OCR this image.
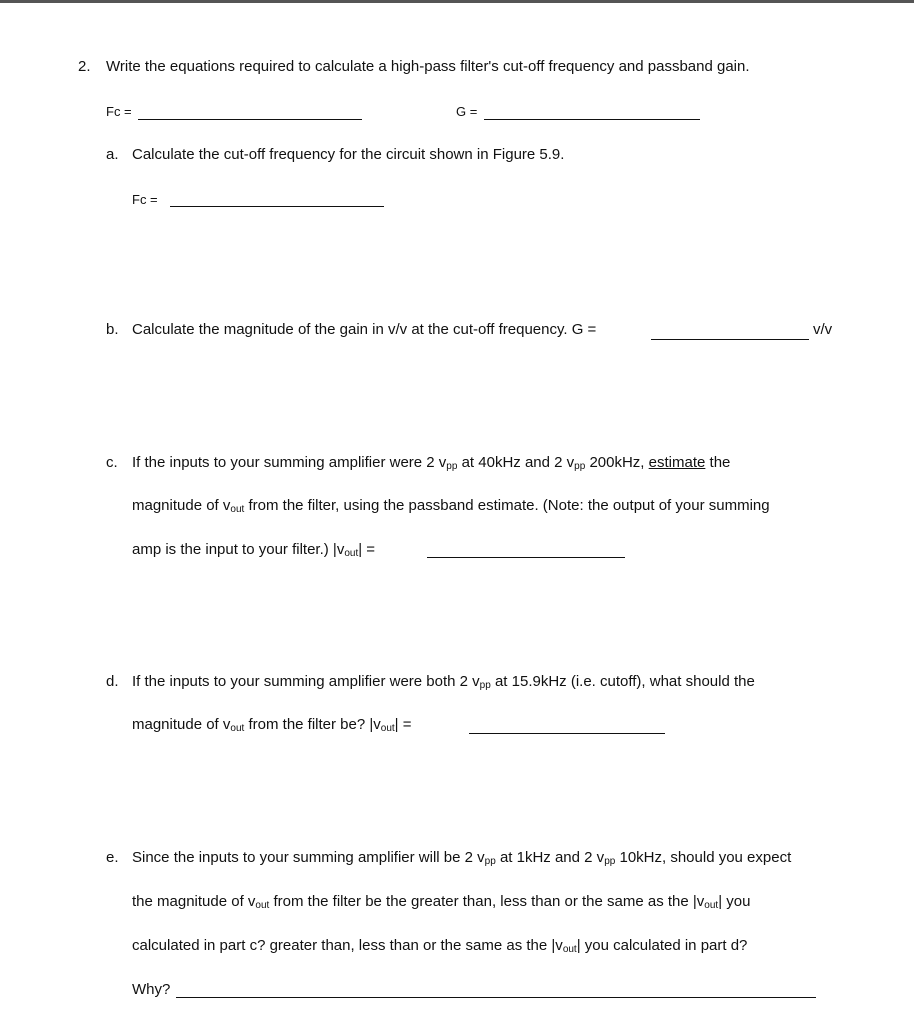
2. Write the equations required to calculate a high-pass filter's cut-off frequency and passband gain.
Fc =	G =
a. Calculate the cut-off frequency for the circuit shown in Figure 5.9.
Fc =
b. Calculate the magnitude of the gain in v/v at the cut-off frequency. G =	v/v
c. If the inputs to your summing amplifier were 2 $v_{pp}$ at 40kHz and 2 $v_{pp}$ 200kHz, estimate the
magnitude of $v_{out}$ from the filter, using the passband estimate. (Note: the output of your summing
amp is the input to your filter.) $|v_{out}|$ =
d. If the inputs to your summing amplifier were both 2 $v_{pp}$ at 15.9kHz (i.e. cutoff), what should the
magnitude of $v_{out}$ from the filter be? $|v_{out}|$ =
e. Since the inputs to your summing amplifier will be 2 $v_{pp}$ at 1kHz and 2 $v_{pp}$ 10kHz, should you expect
the magnitude of $v_{out}$ from the filter be the greater than, less than or the same as the $|v_{out}|$ you
calculated in part c? greater than, less than or the same as the $|v_{out}|$ you calculated in part d?
Why?
